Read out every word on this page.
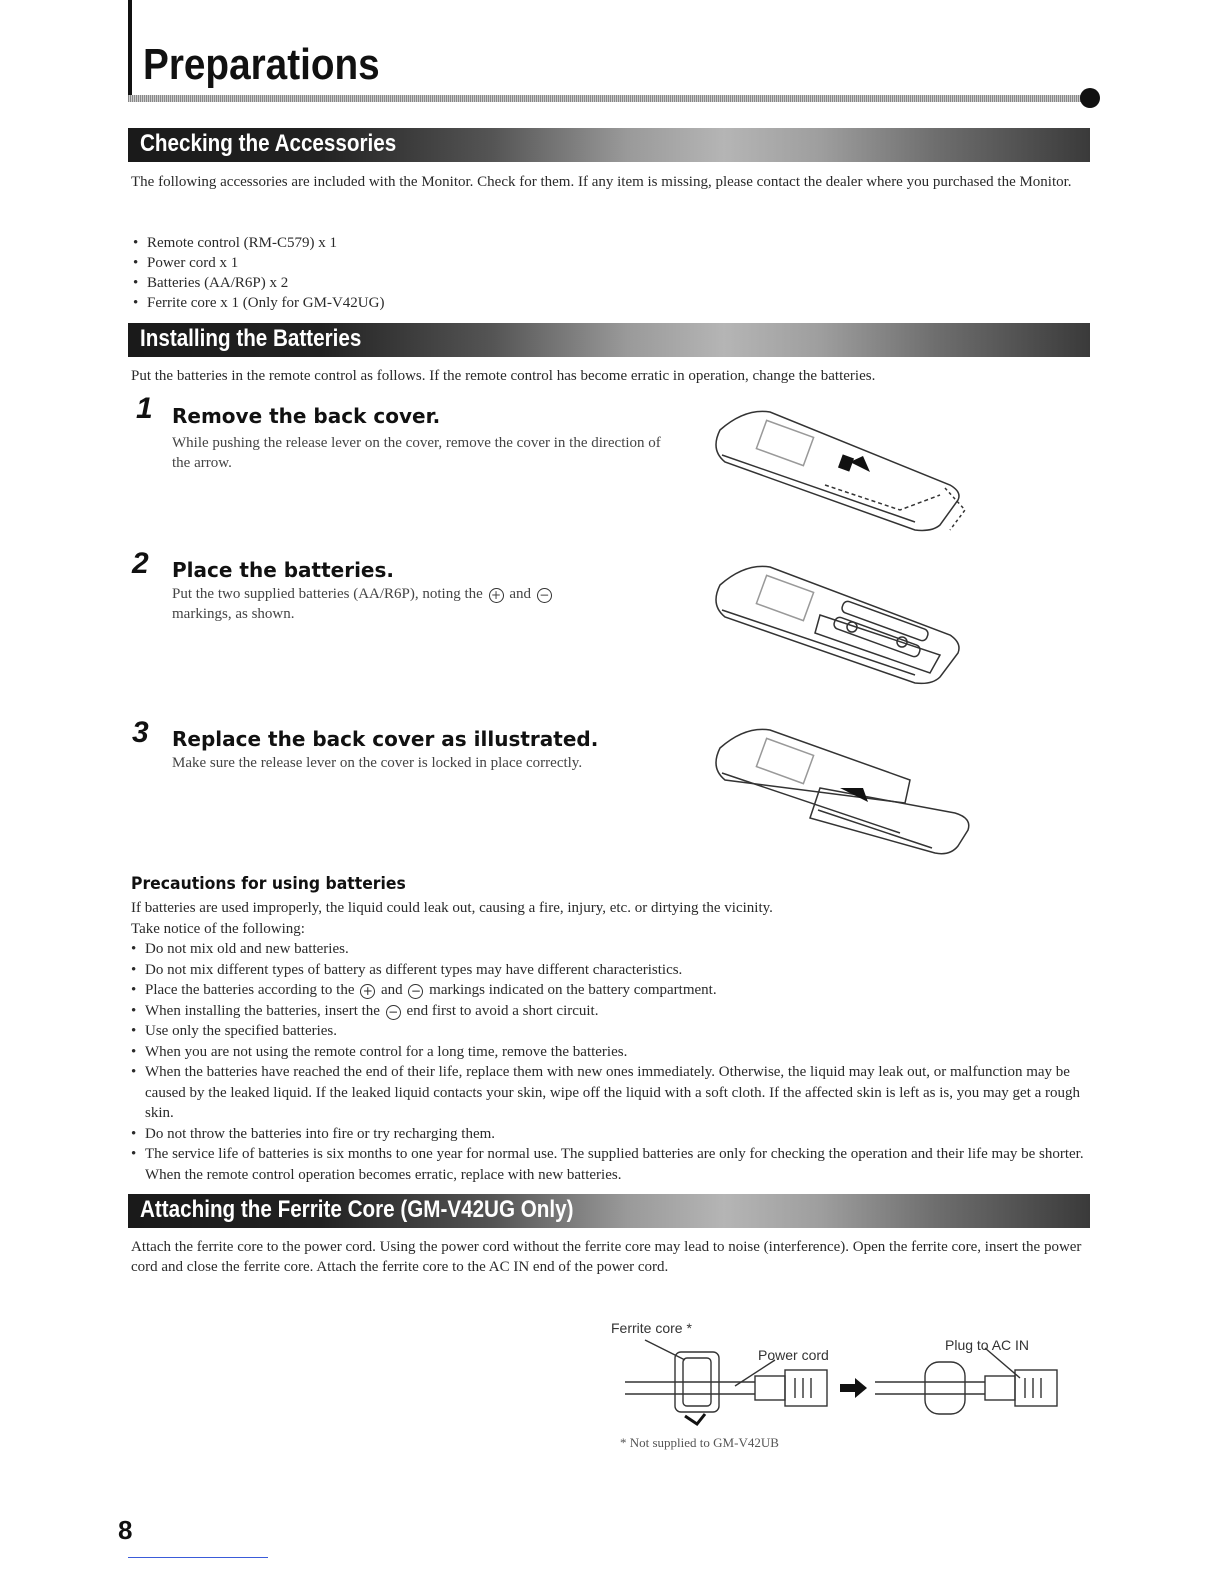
Preparations
Checking the Accessories
The following accessories are included with the Monitor. Check for them. If any item is missing, please contact the dealer where you purchased the Monitor.
• Remote control (RM-C579) x 1
• Power cord x 1
• Batteries (AA/R6P) x 2
• Ferrite core x 1 (Only for GM-V42UG)
Installing the Batteries
Put the batteries in the remote control as follows. If the remote control has become erratic in operation, change the batteries.
1 Remove the back cover.
While pushing the release lever on the cover, remove the cover in the direction of the arrow.
2 Place the batteries.
Put the two supplied batteries (AA/R6P), noting the + and −
markings, as shown.
3 Replace the back cover as illustrated.
Make sure the release lever on the cover is locked in place correctly.
Precautions for using batteries
If batteries are used improperly, the liquid could leak out, causing a fire, injury, etc. or dirtying the vicinity.
Take notice of the following:
• Do not mix old and new batteries.
• Do not mix different types of battery as different types may have different characteristics.
• Place the batteries according to the + and − markings indicated on the battery compartment.
• When installing the batteries, insert the − end first to avoid a short circuit.
• Use only the specified batteries.
• When you are not using the remote control for a long time, remove the batteries.
• When the batteries have reached the end of their life, replace them with new ones immediately. Otherwise, the liquid may leak out, or malfunction may be caused by the leaked liquid. If the leaked liquid contacts your skin, wipe off the liquid with a soft cloth. If the affected skin is left as is, you may get a rough skin.
• Do not throw the batteries into fire or try recharging them.
• The service life of batteries is six months to one year for normal use. The supplied batteries are only for checking the operation and their life may be shorter. When the remote control operation becomes erratic, replace with new batteries.
Attaching the Ferrite Core (GM-V42UG Only)
Attach the ferrite core to the power cord. Using the power cord without the ferrite core may lead to noise (interference). Open the ferrite core, insert the power cord and close the ferrite core. Attach the ferrite core to the AC IN end of the power cord.
Ferrite core *
Power cord
Plug to AC IN
* Not supplied to GM-V42UB
8
